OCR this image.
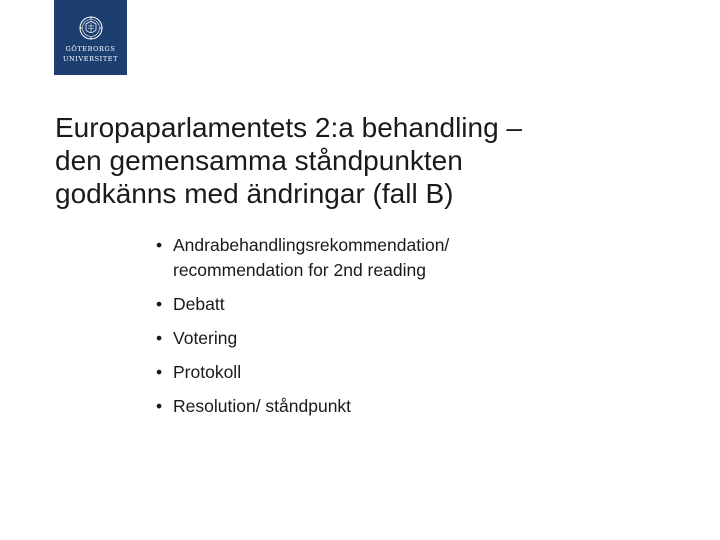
GÖTEBORGS
UNIVERSITET
Europaparlamentets 2:a behandling –
den gemensamma ståndpunkten
godkänns med ändringar (fall B)
• Andrabehandlingsrekommendation/
recommendation for 2nd reading
• Debatt
• Votering
• Protokoll
• Resolution/ ståndpunkt
